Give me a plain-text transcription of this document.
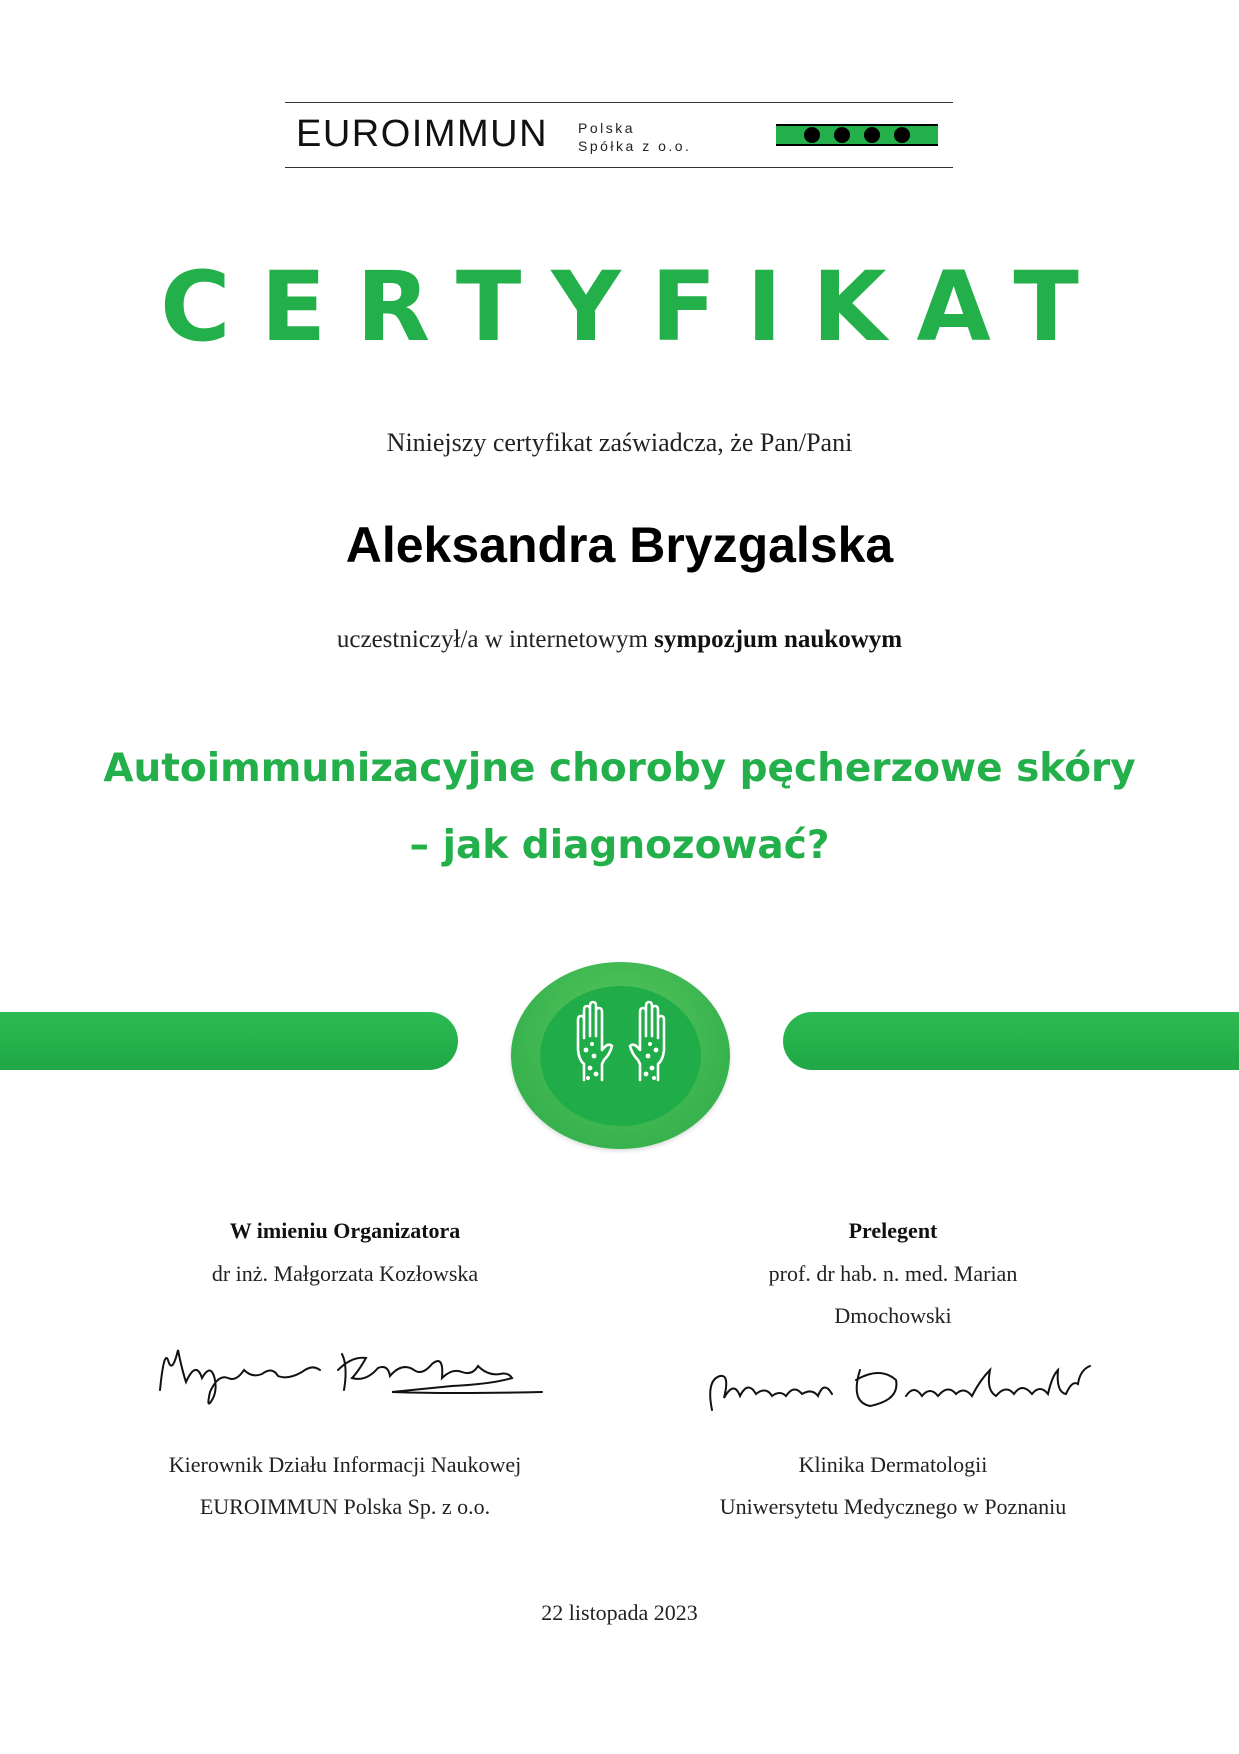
EUROIMMUN Polska
Spółka z o.o.
CERTYFIKAT
Niniejszy certyfikat zaświadcza, że Pan/Pani
Aleksandra Bryzgalska
uczestniczył/a w internetowym sympozjum naukowym
Autoimmunizacyjne choroby pęcherzowe skóry
– jak diagnozować?
W imieniu Organizatora
dr inż. Małgorzata Kozłowska
Kierownik Działu Informacji Naukowej
EUROIMMUN Polska Sp. z o.o.
Prelegent
prof. dr hab. n. med. Marian
Dmochowski
Klinika Dermatologii
Uniwersytetu Medycznego w Poznaniu
22 listopada 2023
